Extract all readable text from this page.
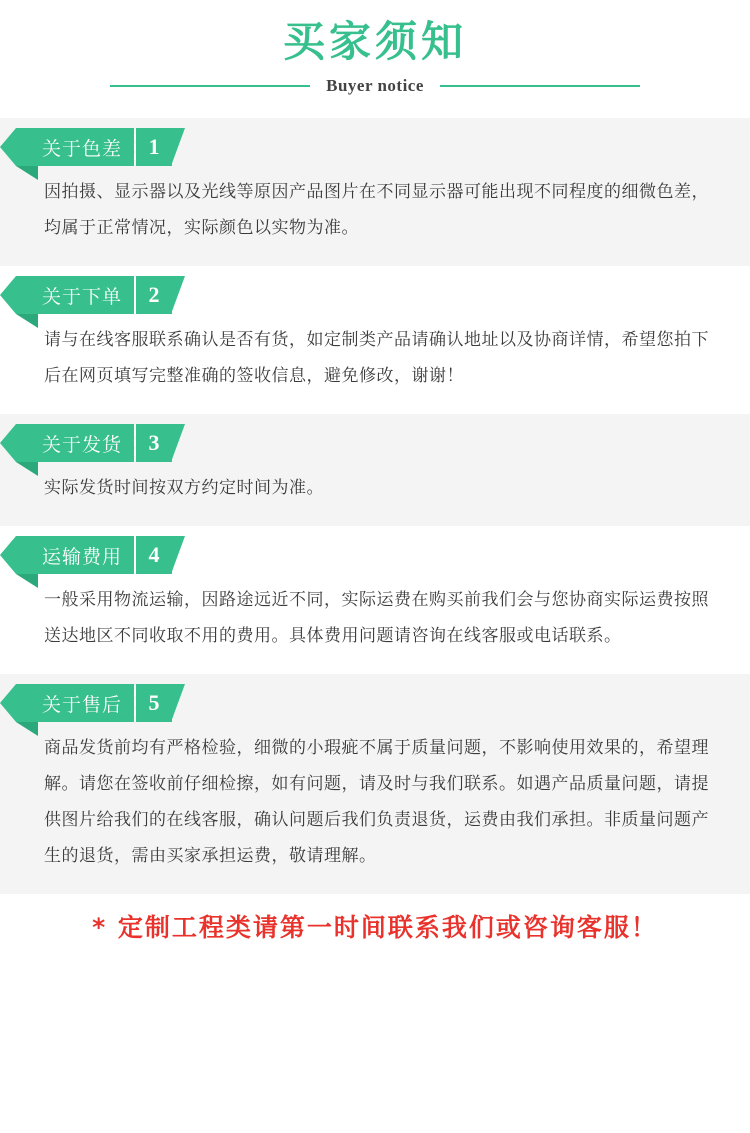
买家须知
Buyer notice
关于色差	1

因拍摄、显示器以及光线等原因产品图片在不同显示器可能出现不同程度的细微色差，均属于正常情况，实际颜色以实物为准。

关于下单	2

请与在线客服联系确认是否有货，如定制类产品请确认地址以及协商详情，希望您拍下后在网页填写完整准确的签收信息，避免修改，谢谢！

关于发货	3

实际发货时间按双方约定时间为准。

运输费用	4

一般采用物流运输，因路途远近不同，实际运费在购买前我们会与您协商实际运费按照送达地区不同收取不用的费用。具体费用问题请咨询在线客服或电话联系。

关于售后	5

商品发货前均有严格检验，细微的小瑕疵不属于质量问题，不影响使用效果的，希望理解。请您在签收前仔细检擦，如有问题，请及时与我们联系。如遇产品质量问题，请提供图片给我们的在线客服，确认问题后我们负责退货，运费由我们承担。非质量问题产生的退货，需由买家承担运费，敬请理解。

* 定制工程类请第一时间联系我们或咨询客服！
